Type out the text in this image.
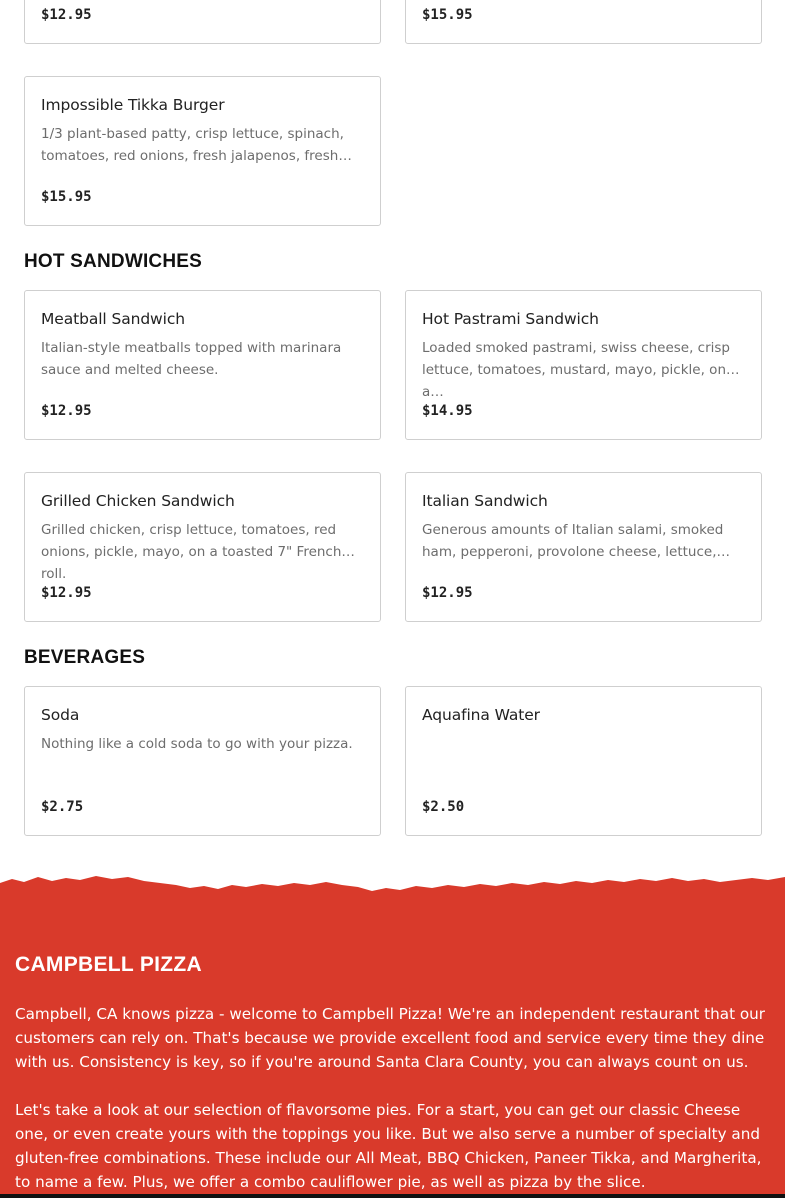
$12.95	$15.95
Impossible Tikka Burger

1/3 plant-based patty, crisp lettuce, spinach, tomatoes, red onions, fresh jalapenos, fresh…

$15.95
HOT SANDWICHES
Meatball Sandwich

Italian-style meatballs topped with marinara sauce and melted cheese.

$12.95
Hot Pastrami Sandwich

Loaded smoked pastrami, swiss cheese, crisp lettuce, tomatoes, mustard, mayo, pickle, on a…

$14.95
Grilled Chicken Sandwich

Grilled chicken, crisp lettuce, tomatoes, red onions, pickle, mayo, on a toasted 7" French roll.

$12.95
Italian Sandwich

Generous amounts of Italian salami, smoked ham, pepperoni, provolone cheese, lettuce,…

$12.95
BEVERAGES
Soda

Nothing like a cold soda to go with your pizza.

$2.75
Aquafina Water

$2.50
CAMPBELL PIZZA

Campbell, CA knows pizza - welcome to Campbell Pizza! We're an independent restaurant that our customers can rely on. That's because we provide excellent food and service every time they dine with us. Consistency is key, so if you're around Santa Clara County, you can always count on us.

Let's take a look at our selection of flavorsome pies. For a start, you can get our classic Cheese one, or even create yours with the toppings you like. But we also serve a number of specialty and gluten-free combinations. These include our All Meat, BBQ Chicken, Paneer Tikka, and Margherita, to name a few. Plus, we offer a combo cauliflower pie, as well as pizza by the slice.
